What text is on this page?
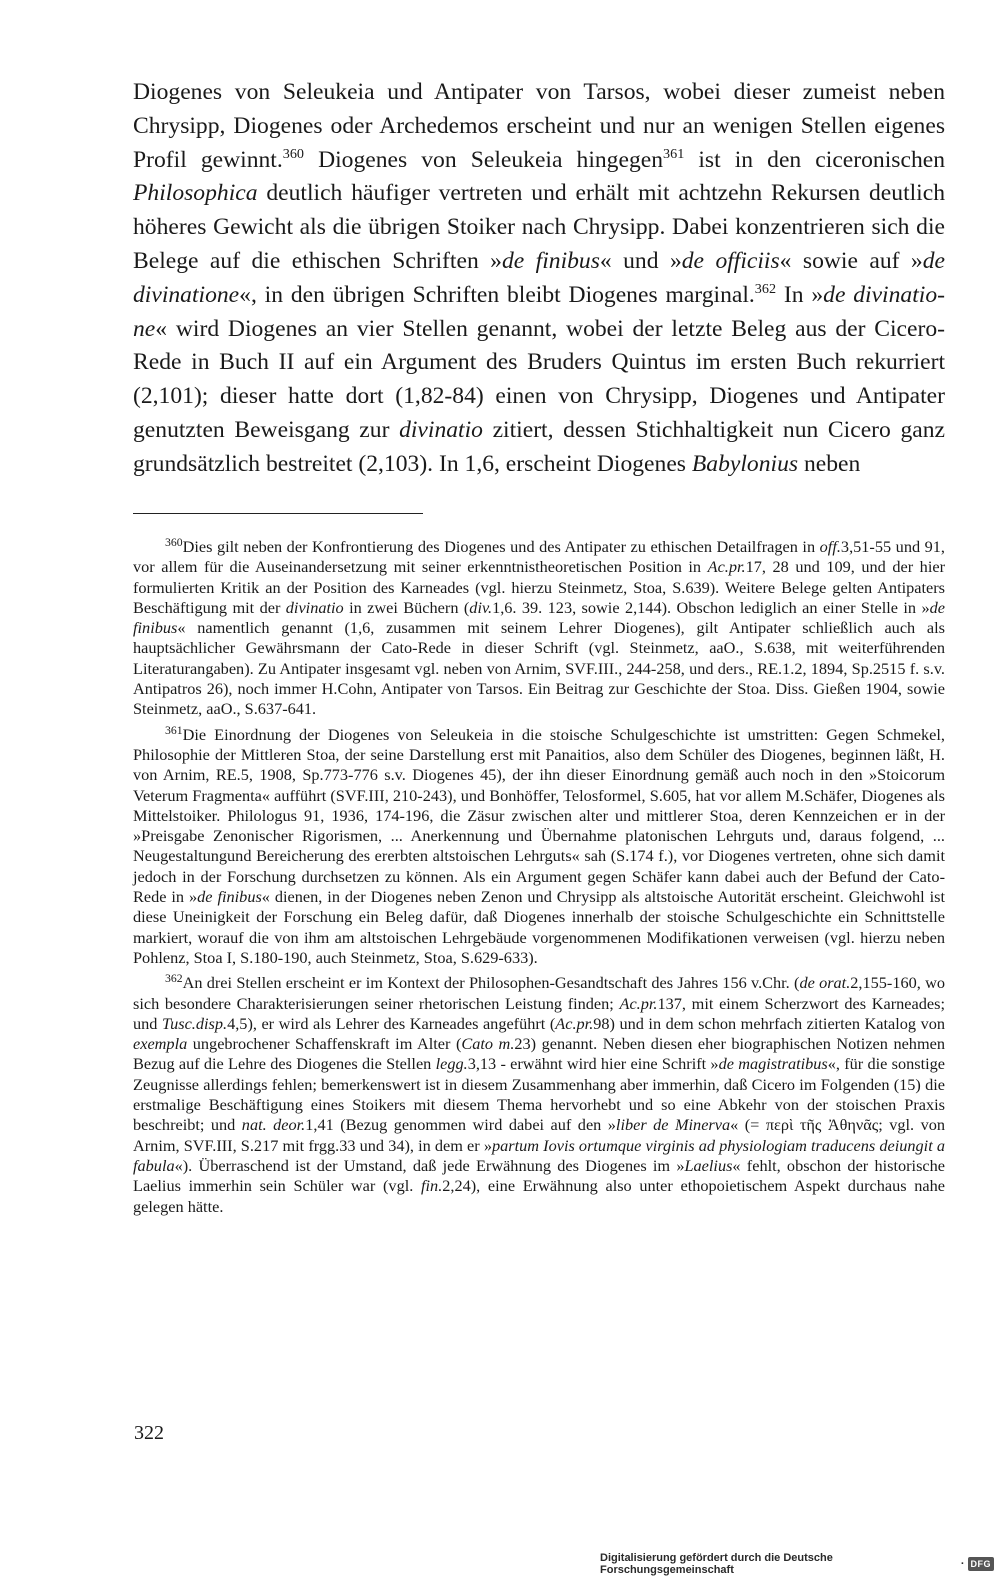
Diogenes von Seleukeia und Antipater von Tarsos, wobei dieser zumeist neben Chrysipp, Diogenes oder Archedemos erscheint und nur an wenigen Stellen eigenes Profil gewinnt.$^{360}$ Diogenes von Seleukeia hingegen$^{361}$ ist in den ciceronischen Philosophica deutlich häufiger vertreten und erhält mit achtzehn Rekursen deutlich höheres Gewicht als die übrigen Stoiker nach Chrysipp. Dabei konzentrieren sich die Belege auf die ethischen Schriften »de finibus« und »de officiis« sowie auf »de divinatione«, in den übrigen Schriften bleibt Diogenes marginal.$^{362}$ In »de divinatione« wird Diogenes an vier Stellen genannt, wobei der letzte Beleg aus der Cicero-Rede in Buch II auf ein Argument des Bruders Quintus im ersten Buch rekurriert (2,101); dieser hatte dort (1,82-84) einen von Chrysipp, Diogenes und Antipater genutzten Beweisgang zur divinatio zitiert, dessen Stichhaltigkeit nun Cicero ganz grundsätzlich bestreitet (2,103). In 1,6, erscheint Diogenes Babylonius neben

$^{360}$Dies gilt neben der Konfrontierung des Diogenes und des Antipater zu ethischen Detailfragen in off.3,51-55 und 91, vor allem für die Auseinandersetzung mit seiner erkenntnistheoretischen Position in Ac.pr.17, 28 und 109, und der hier formulierten Kritik an der Position des Karneades (vgl. hierzu Steinmetz, Stoa, S.639). Weitere Belege gelten Antipaters Beschäftigung mit der divinatio in zwei Büchern (div.1,6. 39. 123, sowie 2,144). Obschon lediglich an einer Stelle in »de finibus« namentlich genannt (1,6, zusammen mit seinem Lehrer Diogenes), gilt Antipater schließlich auch als hauptsächlicher Gewährsmann der Cato-Rede in dieser Schrift (vgl. Steinmetz, aaO., S.638, mit weiterführenden Literaturangaben). Zu Antipater insgesamt vgl. neben von Arnim, SVF.III., 244-258, und ders., RE.1.2, 1894, Sp.2515 f. s.v. Antipatros 26), noch immer H.Cohn, Antipater von Tarsos. Ein Beitrag zur Geschichte der Stoa. Diss. Gießen 1904, sowie Steinmetz, aaO., S.637-641.

$^{361}$Die Einordnung der Diogenes von Seleukeia in die stoische Schulgeschichte ist umstritten: Gegen Schmekel, Philosophie der Mittleren Stoa, der seine Darstellung erst mit Panaitios, also dem Schüler des Diogenes, beginnen läßt, H. von Arnim, RE.5, 1908, Sp.773-776 s.v. Diogenes 45), der ihn dieser Einordnung gemäß auch noch in den »Stoicorum Veterum Fragmenta« aufführt (SVF.III, 210-243), und Bonhöffer, Telosformel, S.605, hat vor allem M.Schäfer, Diogenes als Mittelstoiker. Philologus 91, 1936, 174-196, die Zäsur zwischen alter und mittlerer Stoa, deren Kennzeichen er in der »Preisgabe Zenonischer Rigorismen, ... Anerkennung und Übernahme platonischen Lehrguts und, daraus folgend, ... Neugestaltungund Bereicherung des ererbten altstoischen Lehrguts« sah (S.174 f.), vor Diogenes vertreten, ohne sich damit jedoch in der Forschung durchsetzen zu können. Als ein Argument gegen Schäfer kann dabei auch der Befund der Cato-Rede in »de finibus« dienen, in der Diogenes neben Zenon und Chrysipp als altstoische Autorität erscheint. Gleichwohl ist diese Uneinigkeit der Forschung ein Beleg dafür, daß Diogenes innerhalb der stoische Schulgeschichte ein Schnittstelle markiert, worauf die von ihm am altstoischen Lehrgebäude vorgenommenen Modifikationen verweisen (vgl. hierzu neben Pohlenz, Stoa I, S.180-190, auch Steinmetz, Stoa, S.629-633).

$^{362}$An drei Stellen erscheint er im Kontext der Philosophen-Gesandtschaft des Jahres 156 v.Chr. (de orat.2,155-160, wo sich besondere Charakterisierungen seiner rhetorischen Leistung finden; Ac.pr.137, mit einem Scherzwort des Karneades; und Tusc.disp.4,5), er wird als Lehrer des Karneades angeführt (Ac.pr.98) und in dem schon mehrfach zitierten Katalog von exempla ungebrochener Schaffenskraft im Alter (Cato m.23) genannt. Neben diesen eher biographischen Notizen nehmen Bezug auf die Lehre des Diogenes die Stellen legg.3,13 - erwähnt wird hier eine Schrift »de magistratibus«, für die sonstige Zeugnisse allerdings fehlen; bemerkenswert ist in diesem Zusammenhang aber immerhin, daß Cicero im Folgenden (15) die erstmalige Beschäftigung eines Stoikers mit diesem Thema hervorhebt und so eine Abkehr von der stoischen Praxis beschreibt; und nat. deor.1,41 (Bezug genommen wird dabei auf den »liber de Minerva« (= περὶ τῆς Ἀθηνᾶς; vgl. von Arnim, SVF.III, S.217 mit frgg.33 und 34), in dem er »partum Iovis ortumque virginis ad physiologiam traducens deiungit a fabula«). Überraschend ist der Umstand, daß jede Erwähnung des Diogenes im »Laelius« fehlt, obschon der historische Laelius immerhin sein Schüler war (vgl. fin.2,24), eine Erwähnung also unter ethopoietischem Aspekt durchaus nahe gelegen hätte.

322
Digitalisierung gefördert durch die Deutsche Forschungsgemeinschaft	· DFG
